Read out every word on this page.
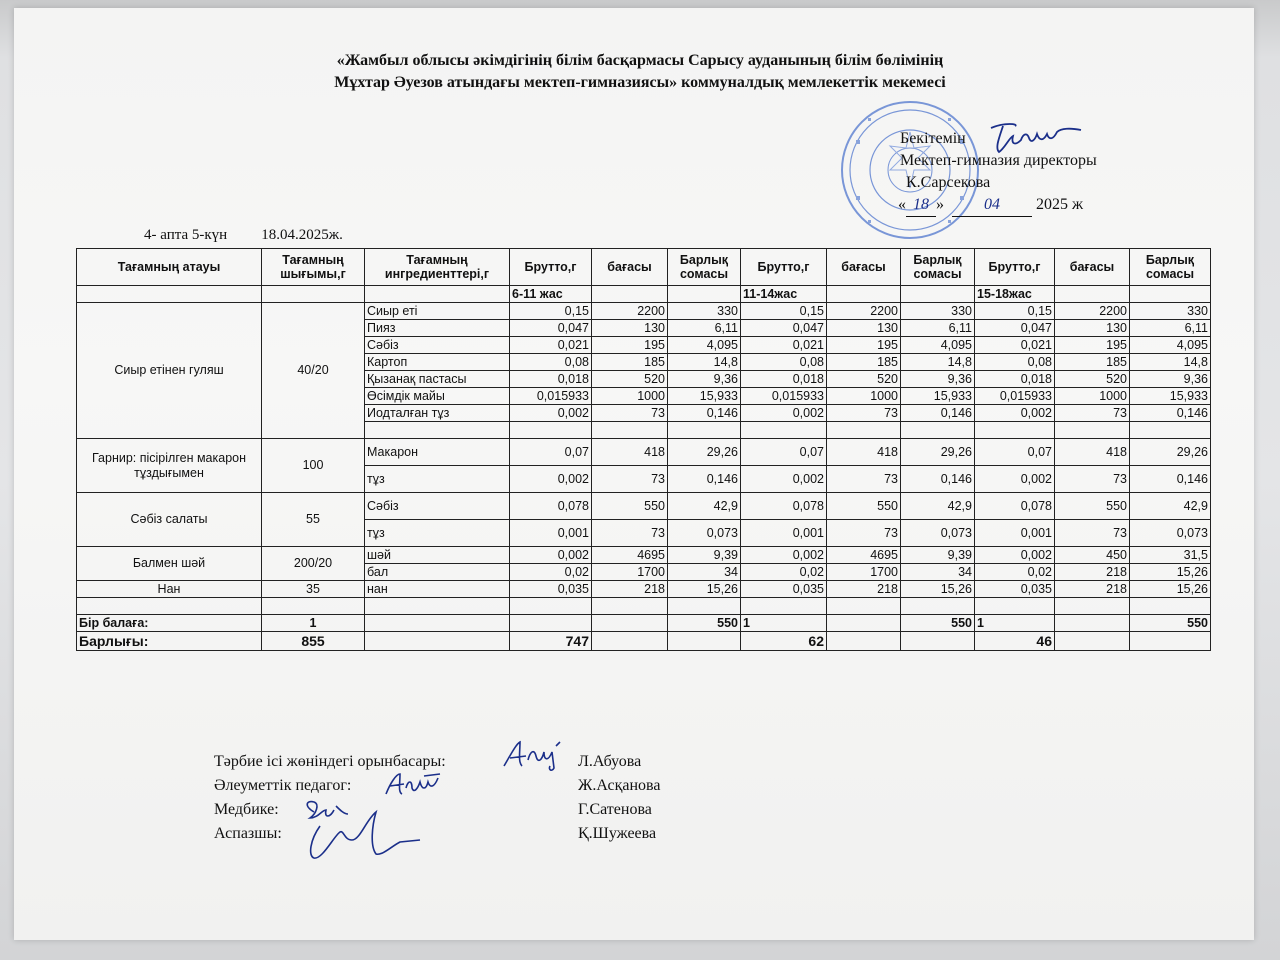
«Жамбыл облысы әкімдігінің білім басқармасы Сарысу ауданының білім бөлімінің
Мұхтар Әуезов атындағы мектеп-гимназиясы» коммуналдық мемлекеттік мекемесі
Бекітемін
Мектеп-гимназия директоры
К.Сарсекова
« 18 »	04 2025 ж
4- апта 5-күн 18.04.2025ж.
Тағамның атауы	Тағамның шығымы,г	Тағамның ингредиенттері,г	Брутто,г	бағасы	Барлық сомасы	Брутто,г	бағасы	Барлық сомасы	Брутто,г	бағасы	Барлық сомасы
			6-11 жас			11-14жас			15-18жас		
Сиыр етінен гуляш	40/20	Сиыр еті	0,15	2200	330	0,15	2200	330	0,15	2200	330
		Пияз	0,047	130	6,11	0,047	130	6,11	0,047	130	6,11
		Сәбіз	0,021	195	4,095	0,021	195	4,095	0,021	195	4,095
		Картоп	0,08	185	14,8	0,08	185	14,8	0,08	185	14,8
		Қызанақ пастасы	0,018	520	9,36	0,018	520	9,36	0,018	520	9,36
		Өсімдік майы	0,015933	1000	15,933	0,015933	1000	15,933	0,015933	1000	15,933
		Иодталған тұз	0,002	73	0,146	0,002	73	0,146	0,002	73	0,146

Гарнир: пісірілген макарон тұздығымен	100	Макарон	0,07	418	29,26	0,07	418	29,26	0,07	418	29,26
		тұз	0,002	73	0,146	0,002	73	0,146	0,002	73	0,146
Сәбіз салаты	55	Сәбіз	0,078	550	42,9	0,078	550	42,9	0,078	550	42,9
		тұз	0,001	73	0,073	0,001	73	0,073	0,001	73	0,073
Балмен шәй	200/20	шәй	0,002	4695	9,39	0,002	4695	9,39	0,002	450	31,5
		бал	0,02	1700	34	0,02	1700	34	0,02	218	15,26
Нан	35	нан	0,035	218	15,26	0,035	218	15,26	0,035	218	15,26

Бір балаға:	1				550	1		550	1		550
Барлығы:	855		747			62			46		
Тәрбие ісі жөніндегі орынбасары:	Л.Абуова
Әлеуметтік педагог:	Ж.Асқанова
Медбике:	Г.Сатенова
Аспазшы:	Қ.Шужеева
